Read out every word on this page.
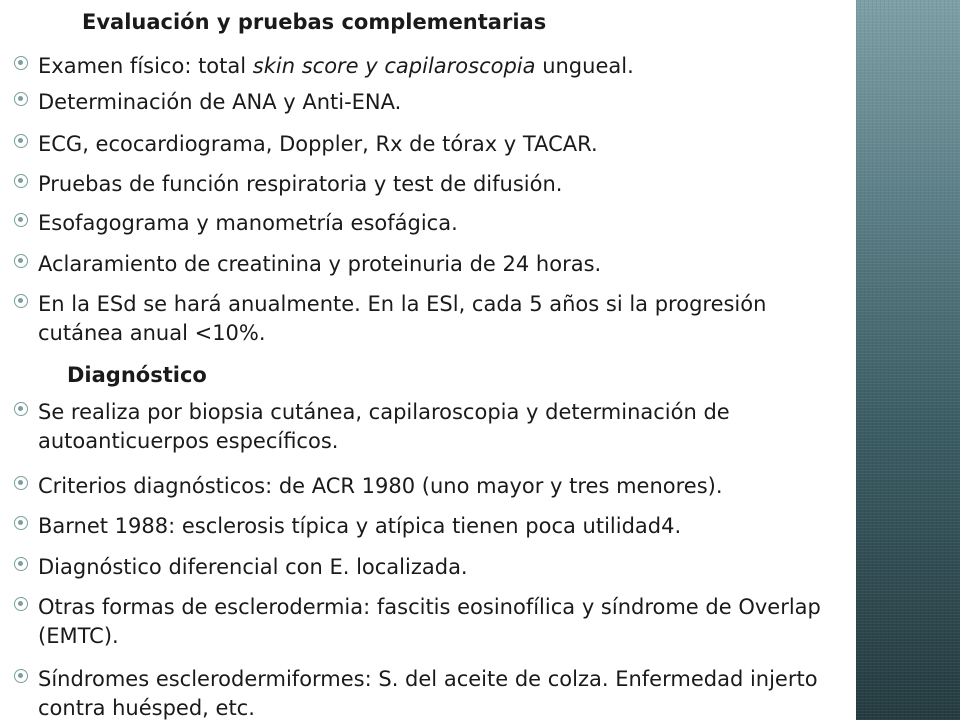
Evaluación y pruebas complementarias
Examen físico: total skin score y capilaroscopia ungueal.
Determinación de ANA y Anti-ENA.
ECG, ecocardiograma, Doppler, Rx de tórax y TACAR.
Pruebas de función respiratoria y test de difusión.
Esofagograma y manometría esofágica.
Aclaramiento de creatinina y proteinuria de 24 horas.
En la ESd se hará anualmente. En la ESl, cada 5 años si la progresión
cutánea anual <10%.
Diagnóstico
Se realiza por biopsia cutánea, capilaroscopia y determinación de
autoanticuerpos específicos.
Criterios diagnósticos: de ACR 1980 (uno mayor y tres menores).
Barnet 1988: esclerosis típica y atípica tienen poca utilidad4.
Diagnóstico diferencial con E. localizada.
Otras formas de esclerodermia: fascitis eosinofílica y síndrome de Overlap
(EMTC).
Síndromes esclerodermiformes: S. del aceite de colza. Enfermedad injerto
contra huésped, etc.
